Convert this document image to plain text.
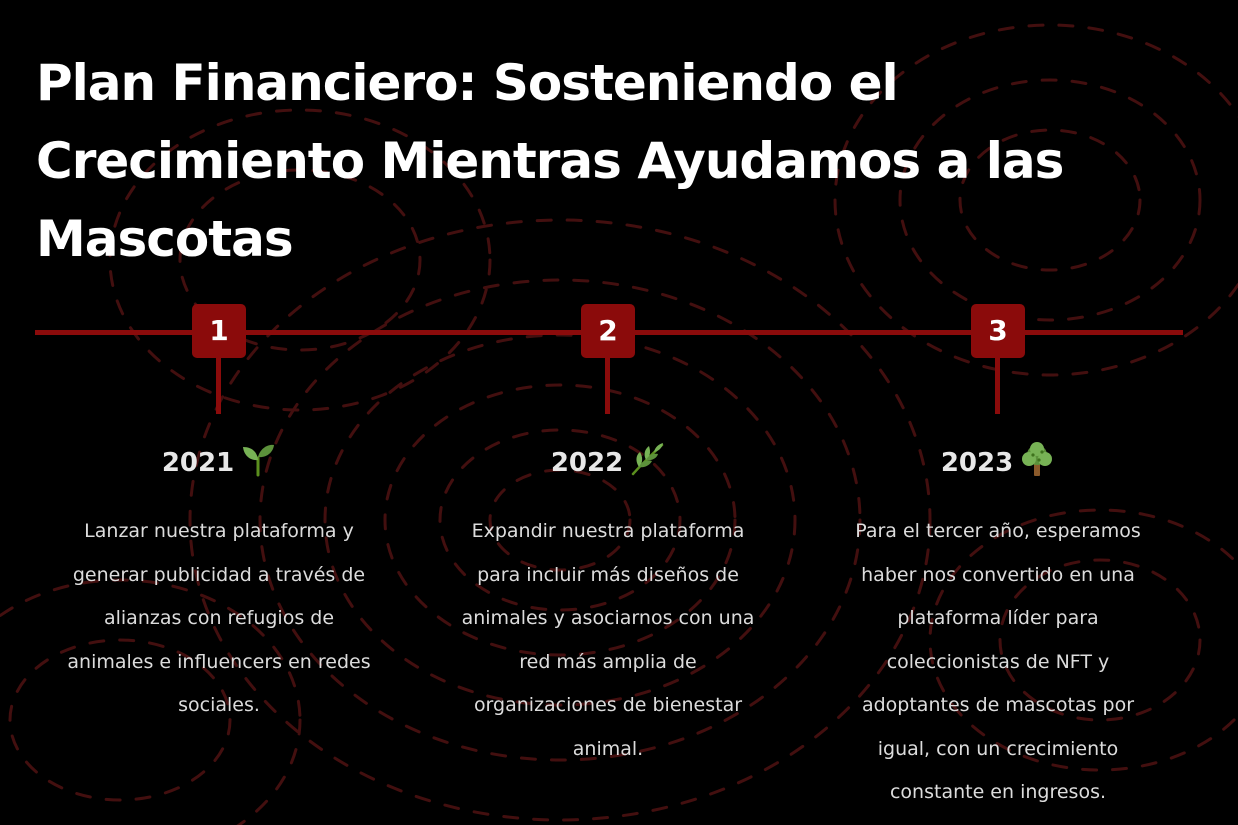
Plan Financiero: Sosteniendo el Crecimiento Mientras Ayudamos a las Mascotas
1
2021

Lanzar nuestra plataforma y generar publicidad a través de alianzas con refugios de animales e influencers en redes sociales.

2
2022

Expandir nuestra plataforma para incluir más diseños de animales y asociarnos con una red más amplia de organizaciones de bienestar animal.

3
2023

Para el tercer año, esperamos haber nos convertido en una plataforma líder para coleccionistas de NFT y adoptantes de mascotas por igual, con un crecimiento constante en ingresos.
